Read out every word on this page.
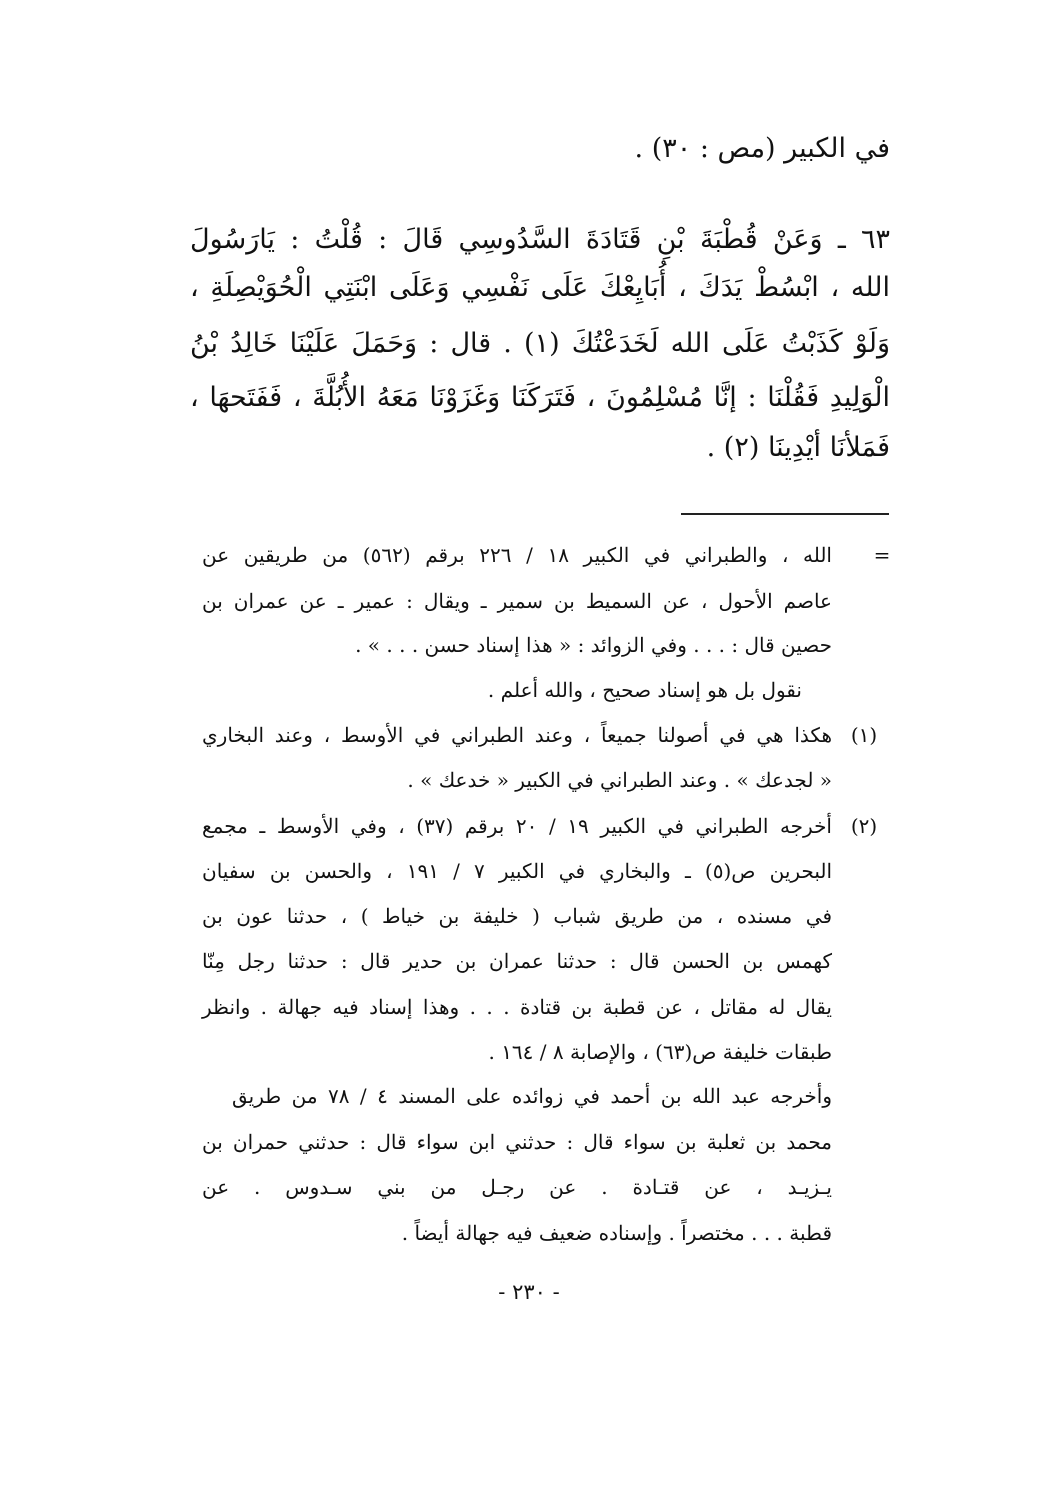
في الكبير (مص : ٣٠) .
٦٣ ـ وَعَنْ قُطْبَةَ بْنِ قَتَادَةَ السَّدُوسِي قَالَ : قُلْتُ : يَارَسُولَ
الله ، ابْسُطْ يَدَكَ ، أُبَايِعْكَ عَلَى نَفْسِي وَعَلَى ابْنَتِي الْحُوَيْصِلَةِ ،
وَلَوْ كَذَبْتُ عَلَى الله لَخَدَعْتُكَ (١) . قال : وَحَمَلَ عَلَيْنَا خَالِدُ بْنُ
الْوَلِيدِ فَقُلْنَا : إنَّا مُسْلِمُونَ ، فَتَرَكَنَا وَغَزَوْنَا مَعَهُ الأُبُلَّةَ ، فَفَتَحهَا ،
فَمَلأنَا أيْدِينَا (٢) .
=
الله ، والطبراني في الكبير ١٨ / ٢٢٦ برقم (٥٦٢) من طريقين عن
عاصم الأحول ، عن السميط بن سمير ـ ويقال : عمير ـ عن عمران بن
حصين قال : . . . وفي الزوائد : « هذا إسناد حسن . . . » .
نقول بل هو إسناد صحيح ، والله أعلم .
(١)
هكذا هي في أصولنا جميعاً ، وعند الطبراني في الأوسط ، وعند البخاري
« لجدعك » . وعند الطبراني في الكبير « خدعك » .
(٢)
أخرجه الطبراني في الكبير ١٩ / ٢٠ برقم (٣٧) ، وفي الأوسط ـ مجمع
البحرين ص(٥) ـ والبخاري في الكبير ٧ / ١٩١ ، والحسن بن سفيان
في مسنده ، من طريق شباب ( خليفة بن خياط ) ، حدثنا عون بن
كهمس بن الحسن قال : حدثنا عمران بن حدير قال : حدثنا رجل مِنّا
يقال له مقاتل ، عن قطبة بن قتادة . . . وهذا إسناد فيه جهالة . وانظر
طبقات خليفة ص(٦٣) ، والإصابة ٨ / ١٦٤ .
وأخرجه عبد الله بن أحمد في زوائده على المسند ٤ / ٧٨ من طريق
محمد بن ثعلبة بن سواء قال : حدثني ابن سواء قال : حدثني حمران بن
يـزيـد ، عن قتـادة . عن رجـل من بني سـدوس . عن
قطبة . . . مختصراً . وإسناده ضعيف فيه جهالة أيضاً .
- ٢٣٠ -
